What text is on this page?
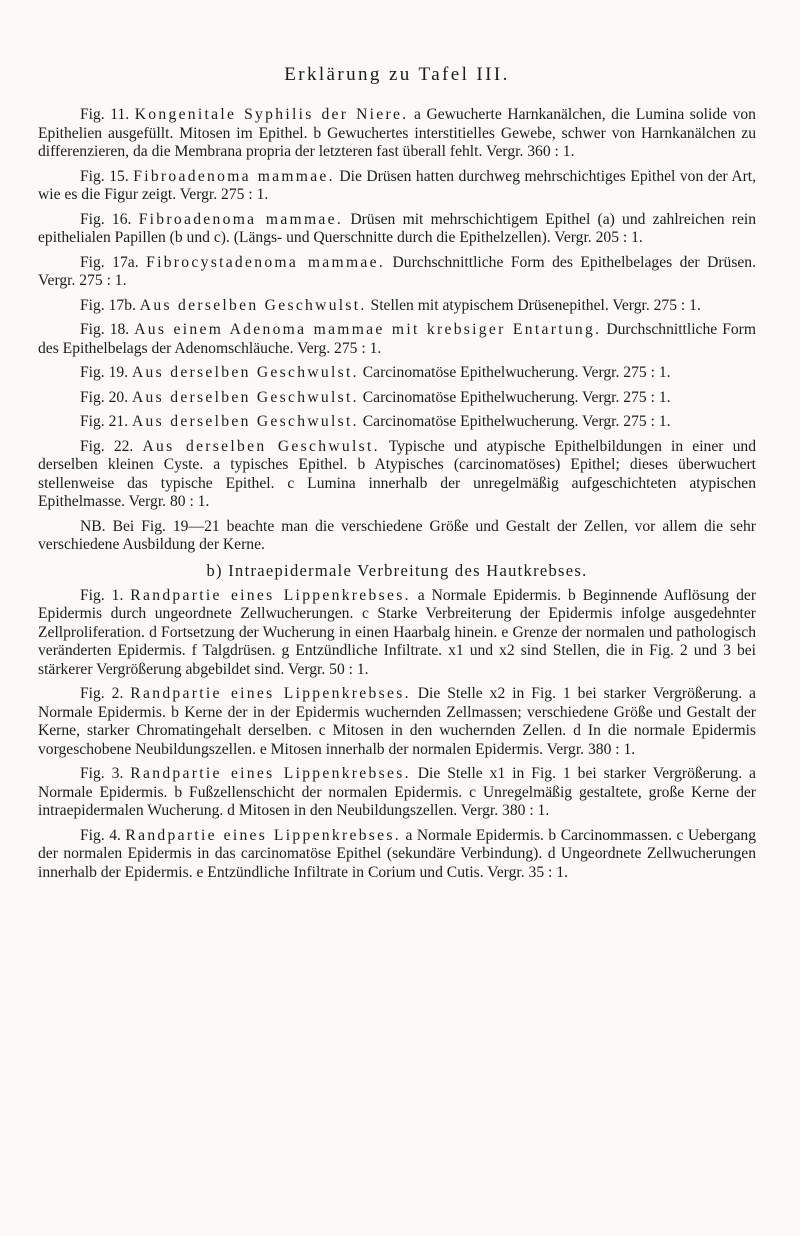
Erklärung zu Tafel III.

Fig. 11. Kongenitale Syphilis der Niere. a Gewucherte Harnkanälchen, die Lumina solide von Epithelien ausgefüllt. Mitosen im Epithel. b Gewuchertes interstitielles Gewebe, schwer von Harnkanälchen zu differenzieren, da die Membrana propria der letzteren fast überall fehlt. Vergr. 360 : 1.

Fig. 15. Fibroadenoma mammae. Die Drüsen hatten durchweg mehrschichtiges Epithel von der Art, wie es die Figur zeigt. Vergr. 275 : 1.

Fig. 16. Fibroadenoma mammae. Drüsen mit mehrschichtigem Epithel (a) und zahlreichen rein epithelialen Papillen (b und c). (Längs- und Querschnitte durch die Epithelzellen). Vergr. 205 : 1.

Fig. 17a. Fibrocystadenoma mammae. Durchschnittliche Form des Epithelbelages der Drüsen. Vergr. 275 : 1.

Fig. 17b. Aus derselben Geschwulst. Stellen mit atypischem Drüsenepithel. Vergr. 275 : 1.

Fig. 18. Aus einem Adenoma mammae mit krebsiger Entartung. Durchschnittliche Form des Epithelbelags der Adenomschläuche. Verg. 275 : 1.

Fig. 19. Aus derselben Geschwulst. Carcinomatöse Epithelwucherung. Vergr. 275 : 1.

Fig. 20. Aus derselben Geschwulst. Carcinomatöse Epithelwucherung. Vergr. 275 : 1.

Fig. 21. Aus derselben Geschwulst. Carcinomatöse Epithelwucherung. Vergr. 275 : 1.

Fig. 22. Aus derselben Geschwulst. Typische und atypische Epithelbildungen in einer und derselben kleinen Cyste. a typisches Epithel. b Atypisches (carcinomatöses) Epithel; dieses überwuchert stellenweise das typische Epithel. c Lumina innerhalb der unregelmäßig aufgeschichteten atypischen Epithelmasse. Vergr. 80 : 1.

NB. Bei Fig. 19—21 beachte man die verschiedene Größe und Gestalt der Zellen, vor allem die sehr verschiedene Ausbildung der Kerne.

b) Intraepidermale Verbreitung des Hautkrebses.

Fig. 1. Randpartie eines Lippenkrebses. a Normale Epidermis. b Beginnende Auflösung der Epidermis durch ungeordnete Zellwucherungen. c Starke Verbreiterung der Epidermis infolge ausgedehnter Zellproliferation. d Fortsetzung der Wucherung in einen Haarbalg hinein. e Grenze der normalen und pathologisch veränderten Epidermis. f Talgdrüsen. g Entzündliche Infiltrate. x1 und x2 sind Stellen, die in Fig. 2 und 3 bei stärkerer Vergrößerung abgebildet sind. Vergr. 50 : 1.

Fig. 2. Randpartie eines Lippenkrebses. Die Stelle x2 in Fig. 1 bei starker Vergrößerung. a Normale Epidermis. b Kerne der in der Epidermis wuchernden Zellmassen; verschiedene Größe und Gestalt der Kerne, starker Chromatingehalt derselben. c Mitosen in den wuchernden Zellen. d In die normale Epidermis vorgeschobene Neubildungszellen. e Mitosen innerhalb der normalen Epidermis. Vergr. 380 : 1.

Fig. 3. Randpartie eines Lippenkrebses. Die Stelle x1 in Fig. 1 bei starker Vergrößerung. a Normale Epidermis. b Fußzellenschicht der normalen Epidermis. c Unregelmäßig gestaltete, große Kerne der intraepidermalen Wucherung. d Mitosen in den Neubildungszellen. Vergr. 380 : 1.

Fig. 4. Randpartie eines Lippenkrebses. a Normale Epidermis. b Carcinommassen. c Uebergang der normalen Epidermis in das carcinomatöse Epithel (sekundäre Verbindung). d Ungeordnete Zellwucherungen innerhalb der Epidermis. e Entzündliche Infiltrate in Corium und Cutis. Vergr. 35 : 1.
